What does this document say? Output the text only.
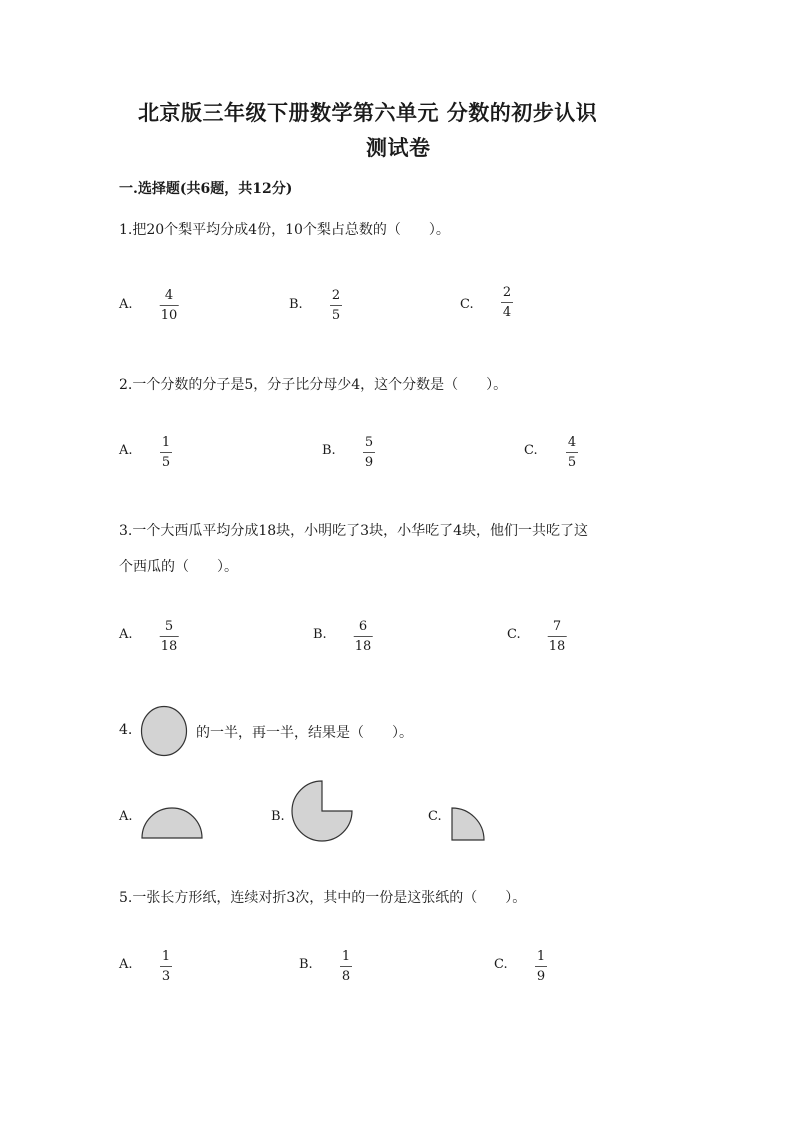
北京版三年级下册数学第六单元 分数的初步认识
测试卷
一.选择题(共6题，共12分)
1.把20个梨平均分成4份，10个梨占总数的（　　）。
A.
4
10
B.
2
5
C.
2
4
2.一个分数的分子是5，分子比分母少4，这个分数是（　　）。
A.
1
5
B.
5
9
C.
4
5
3.一个大西瓜平均分成18块，小明吃了3块，小华吃了4块，他们一共吃了这
个西瓜的（　　）。
A.
5
18
B.
6
18
C.
7
18
4.	的一半，再一半，结果是（　　）。
A.	B.	C.
5.一张长方形纸，连续对折3次，其中的一份是这张纸的（　　）。
A.
1
3
B.
1
8
C.
1
9
